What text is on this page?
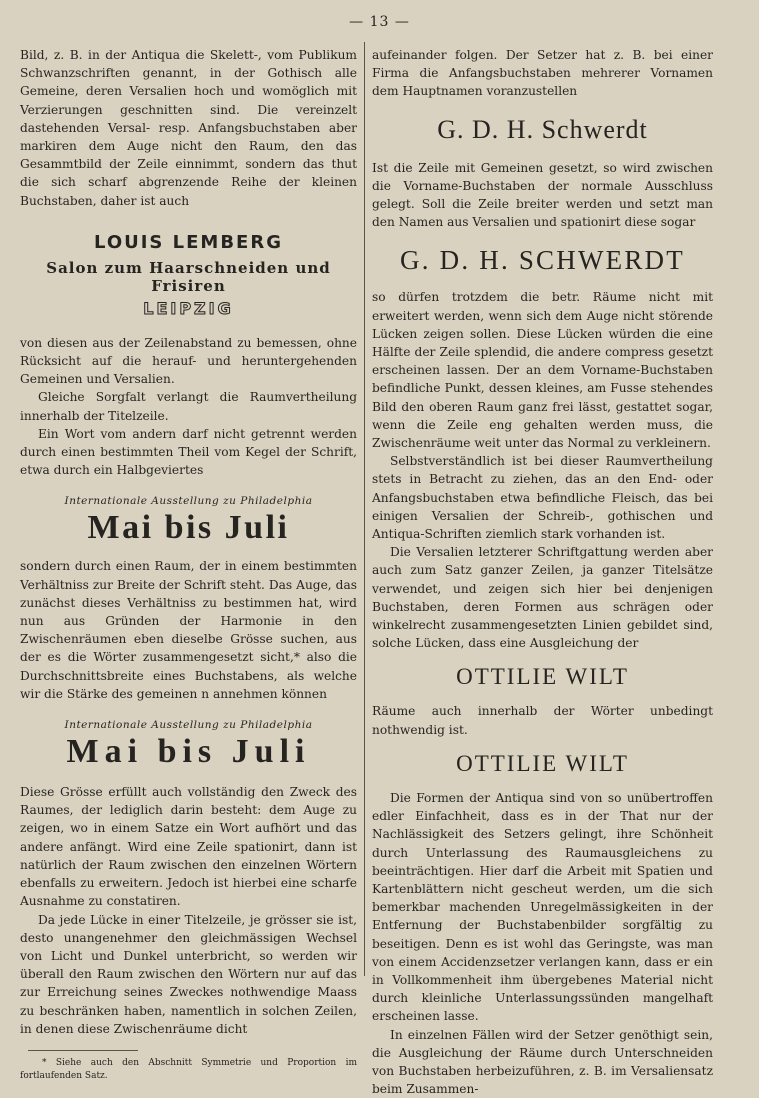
— 13 —

Bild, z. B. in der Antiqua die Skelett-, vom Publikum Schwanzschriften genannt, in der Gothisch alle Gemeine, deren Versalien hoch und womöglich mit Verzierungen geschnitten sind. Die vereinzelt dastehenden Versal- resp. Anfangsbuchstaben aber markiren dem Auge nicht den Raum, den das Gesammtbild der Zeile einnimmt, sondern das thut die sich scharf abgrenzende Reihe der kleinen Buchstaben, daher ist auch

LOUIS LEMBERG
Salon zum Haarschneiden und Frisiren
LEIPZIG

von diesen aus der Zeilenabstand zu bemessen, ohne Rücksicht auf die herauf- und heruntergehenden Gemeinen und Versalien.

Gleiche Sorgfalt verlangt die Raumvertheilung innerhalb der Titelzeile.

Ein Wort vom andern darf nicht getrennt werden durch einen bestimmten Theil vom Kegel der Schrift, etwa durch ein Halbgeviertes

Internationale Ausstellung zu Philadelphia
Mai bis Juli

sondern durch einen Raum, der in einem bestimmten Verhältniss zur Breite der Schrift steht. Das Auge, das zunächst dieses Verhältniss zu bestimmen hat, wird nun aus Gründen der Harmonie in den Zwischenräumen eben dieselbe Grösse suchen, aus der es die Wörter zusammengesetzt sicht,* also die Durchschnittsbreite eines Buchstabens, als welche wir die Stärke des gemeinen n annehmen können

Internationale Ausstellung zu Philadelphia
Mai bis Juli

Diese Grösse erfüllt auch vollständig den Zweck des Raumes, der lediglich darin besteht: dem Auge zu zeigen, wo in einem Satze ein Wort aufhört und das andere anfängt. Wird eine Zeile spationirt, dann ist natürlich der Raum zwischen den einzelnen Wörtern ebenfalls zu erweitern. Jedoch ist hierbei eine scharfe Ausnahme zu constatiren.

Da jede Lücke in einer Titelzeile, je grösser sie ist, desto unangenehmer den gleichmässigen Wechsel von Licht und Dunkel unterbricht, so werden wir überall den Raum zwischen den Wörtern nur auf das zur Erreichung seines Zweckes nothwendige Maass zu beschränken haben, namentlich in solchen Zeilen, in denen diese Zwischenräume dicht

* Siehe auch den Abschnitt Symmetrie und Proportion im fortlaufenden Satz.

aufeinander folgen. Der Setzer hat z. B. bei einer Firma die Anfangsbuchstaben mehrerer Vornamen dem Hauptnamen voranzustellen

G. D. H. Schwerdt

Ist die Zeile mit Gemeinen gesetzt, so wird zwischen die Vorname-Buchstaben der normale Ausschluss gelegt. Soll die Zeile breiter werden und setzt man den Namen aus Versalien und spationirt diese sogar

G. D. H. SCHWERDT

so dürfen trotzdem die betr. Räume nicht mit erweitert werden, wenn sich dem Auge nicht störende Lücken zeigen sollen. Diese Lücken würden die eine Hälfte der Zeile splendid, die andere compress gesetzt erscheinen lassen. Der an dem Vorname-Buchstaben befindliche Punkt, dessen kleines, am Fusse stehendes Bild den oberen Raum ganz frei lässt, gestattet sogar, wenn die Zeile eng gehalten werden muss, die Zwischenräume weit unter das Normal zu verkleinern.

Selbstverständlich ist bei dieser Raumvertheilung stets in Betracht zu ziehen, das an den End- oder Anfangsbuchstaben etwa befindliche Fleisch, das bei einigen Versalien der Schreib-, gothischen und Antiqua-Schriften ziemlich stark vorhanden ist.

Die Versalien letzterer Schriftgattung werden aber auch zum Satz ganzer Zeilen, ja ganzer Titelsätze verwendet, und zeigen sich hier bei denjenigen Buchstaben, deren Formen aus schrägen oder winkelrecht zusammengesetzten Linien gebildet sind, solche Lücken, dass eine Ausgleichung der

OTTILIE WILT

Räume auch innerhalb der Wörter unbedingt nothwendig ist.

OTTILIE WILT

Die Formen der Antiqua sind von so unübertroffen edler Einfachheit, dass es in der That nur der Nachlässigkeit des Setzers gelingt, ihre Schönheit durch Unterlassung des Raumausgleichens zu beeinträchtigen. Hier darf die Arbeit mit Spatien und Kartenblättern nicht gescheut werden, um die sich bemerkbar machenden Unregelmässigkeiten in der Entfernung der Buchstabenbilder sorgfältig zu beseitigen. Denn es ist wohl das Geringste, was man von einem Accidenzsetzer verlangen kann, dass er ein in Vollkommenheit ihm übergebenes Material nicht durch kleinliche Unterlassungssünden mangelhaft erscheinen lasse.

In einzelnen Fällen wird der Setzer genöthigt sein, die Ausgleichung der Räume durch Unterschneiden von Buchstaben herbeizuführen, z. B. im Versaliensatz beim Zusammen-
